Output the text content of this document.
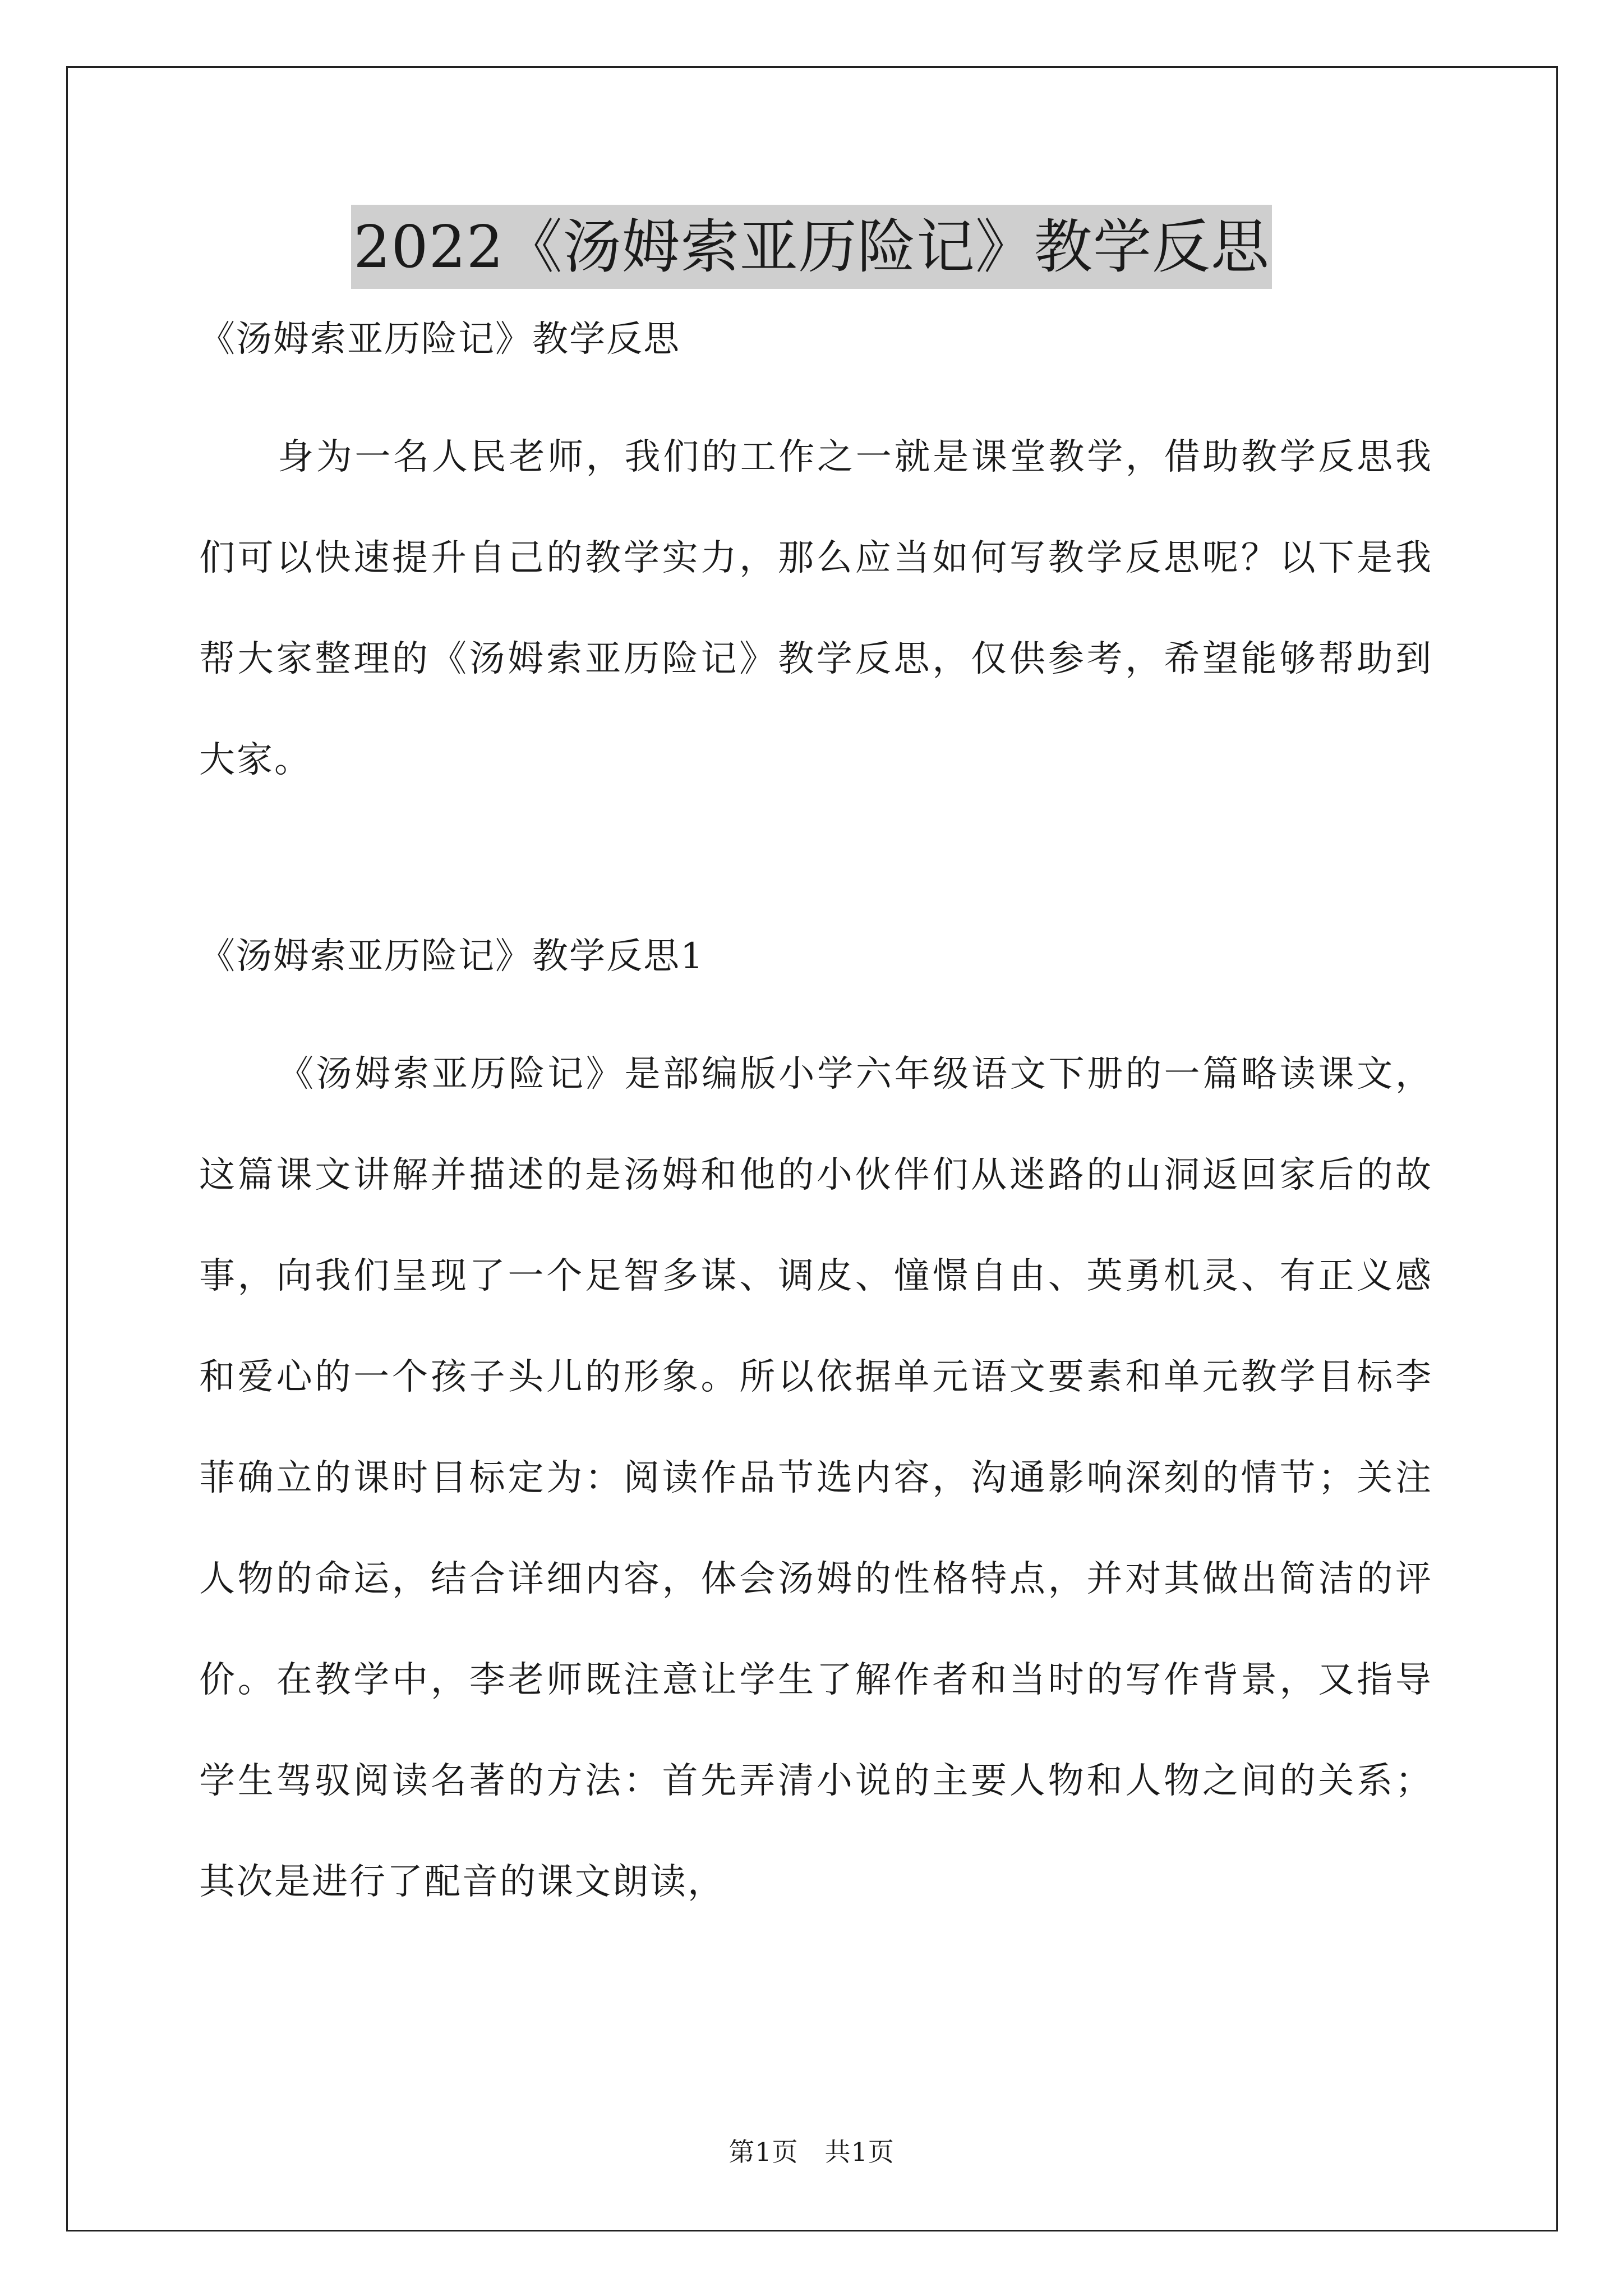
2022《汤姆索亚历险记》教学反思

《汤姆索亚历险记》教学反思

身为一名人民老师，我们的工作之一就是课堂教学，借助教学反思我们可以快速提升自己的教学实力，那么应当如何写教学反思呢？以下是我帮大家整理的《汤姆索亚历险记》教学反思，仅供参考，希望能够帮助到大家。

《汤姆索亚历险记》教学反思1

《汤姆索亚历险记》是部编版小学六年级语文下册的一篇略读课文，这篇课文讲解并描述的是汤姆和他的小伙伴们从迷路的山洞返回家后的故事，向我们呈现了一个足智多谋、调皮、憧憬自由、英勇机灵、有正义感和爱心的一个孩子头儿的形象。所以依据单元语文要素和单元教学目标李菲确立的课时目标定为：阅读作品节选内容，沟通影响深刻的情节；关注人物的命运，结合详细内容，体会汤姆的性格特点，并对其做出简洁的评价。在教学中，李老师既注意让学生了解作者和当时的写作背景，又指导学生驾驭阅读名著的方法：首先弄清小说的主要人物和人物之间的关系；其次是进行了配音的课文朗读，

第1页　共1页
